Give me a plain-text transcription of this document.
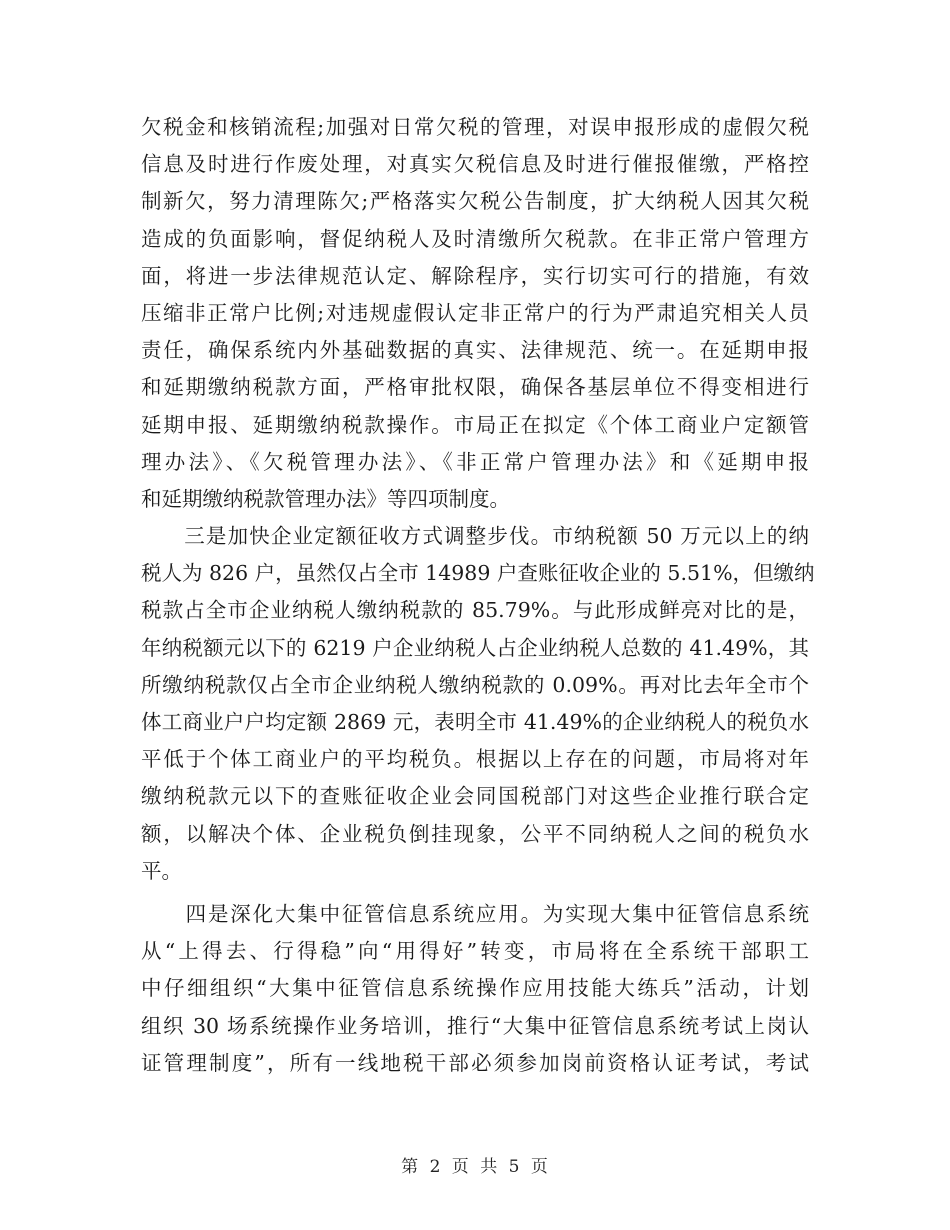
欠税金和核销流程;加强对日常欠税的管理，对误申报形成的虚假欠税
信息及时进行作废处理，对真实欠税信息及时进行催报催缴，严格控
制新欠，努力清理陈欠;严格落实欠税公告制度，扩大纳税人因其欠税
造成的负面影响，督促纳税人及时清缴所欠税款。在非正常户管理方
面，将进一步法律规范认定、解除程序，实行切实可行的措施，有效
压缩非正常户比例;对违规虚假认定非正常户的行为严肃追究相关人员
责任，确保系统内外基础数据的真实、法律规范、统一。在延期申报
和延期缴纳税款方面，严格审批权限，确保各基层单位不得变相进行
延期申报、延期缴纳税款操作。市局正在拟定《个体工商业户定额管
理办法》、《欠税管理办法》、《非正常户管理办法》和《延期申报
和延期缴纳税款管理办法》等四项制度。
　　三是加快企业定额征收方式调整步伐。市纳税额 50 万元以上的纳
税人为 826 户，虽然仅占全市 14989 户查账征收企业的 5.51%，但缴纳
税款占全市企业纳税人缴纳税款的 85.79%。与此形成鲜亮对比的是，
年纳税额元以下的 6219 户企业纳税人占企业纳税人总数的 41.49%，其
所缴纳税款仅占全市企业纳税人缴纳税款的 0.09%。再对比去年全市个
体工商业户户均定额 2869 元，表明全市 41.49%的企业纳税人的税负水
平低于个体工商业户的平均税负。根据以上存在的问题，市局将对年
缴纳税款元以下的查账征收企业会同国税部门对这些企业推行联合定
额，以解决个体、企业税负倒挂现象，公平不同纳税人之间的税负水
平。
　　四是深化大集中征管信息系统应用。为实现大集中征管信息系统
从“上得去、行得稳”向“用得好”转变，市局将在全系统干部职工
中仔细组织“大集中征管信息系统操作应用技能大练兵”活动，计划
组织 30 场系统操作业务培训，推行“大集中征管信息系统考试上岗认
证管理制度”，所有一线地税干部必须参加岗前资格认证考试，考试
第 2 页 共 5 页
